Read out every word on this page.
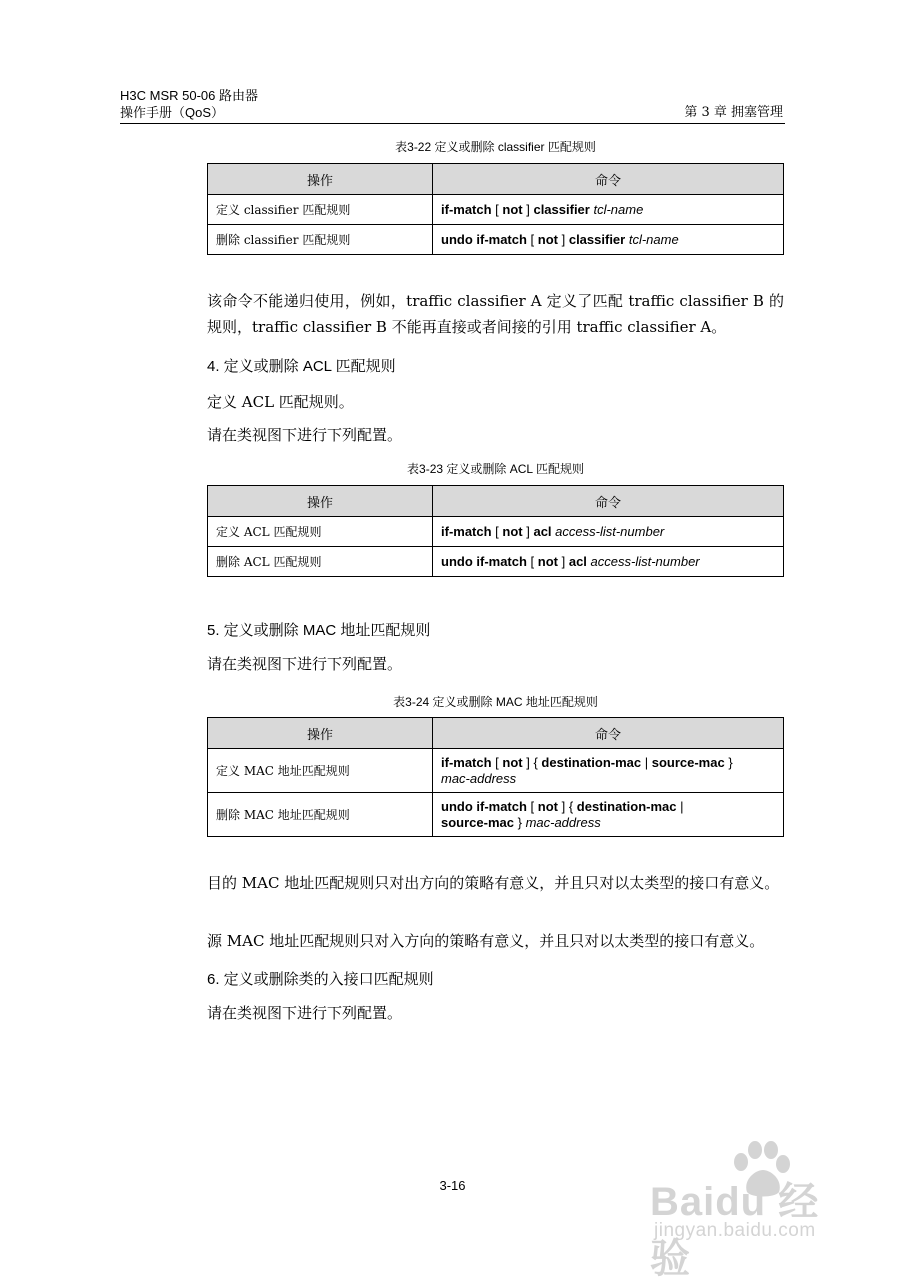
H3C MSR 50-06 路由器
操作手册（QoS）	第 3 章 拥塞管理
表3-22 定义或删除 classifier 匹配规则
操作	命令
定义 classifier 匹配规则	if-match [ not ] classifier tcl-name
删除 classifier 匹配规则	undo if-match [ not ] classifier tcl-name
该命令不能递归使用，例如，traffic classifier A 定义了匹配 traffic classifier B 的规则，traffic classifier B 不能再直接或者间接的引用 traffic classifier A。
4. 定义或删除 ACL 匹配规则
定义 ACL 匹配规则。
请在类视图下进行下列配置。
表3-23 定义或删除 ACL 匹配规则
操作	命令
定义 ACL 匹配规则	if-match [ not ] acl access-list-number
删除 ACL 匹配规则	undo if-match [ not ] acl access-list-number
5. 定义或删除 MAC 地址匹配规则
请在类视图下进行下列配置。
表3-24 定义或删除 MAC 地址匹配规则
操作	命令
定义 MAC 地址匹配规则	if-match [ not ] { destination-mac | source-mac }
mac-address
删除 MAC 地址匹配规则	undo if-match [ not ] { destination-mac |
source-mac } mac-address
目的 MAC 地址匹配规则只对出方向的策略有意义，并且只对以太类型的接口有意义。
源 MAC 地址匹配规则只对入方向的策略有意义，并且只对以太类型的接口有意义。
6. 定义或删除类的入接口匹配规则
请在类视图下进行下列配置。
3-16	Baidu 经验
jingyan.baidu.com
